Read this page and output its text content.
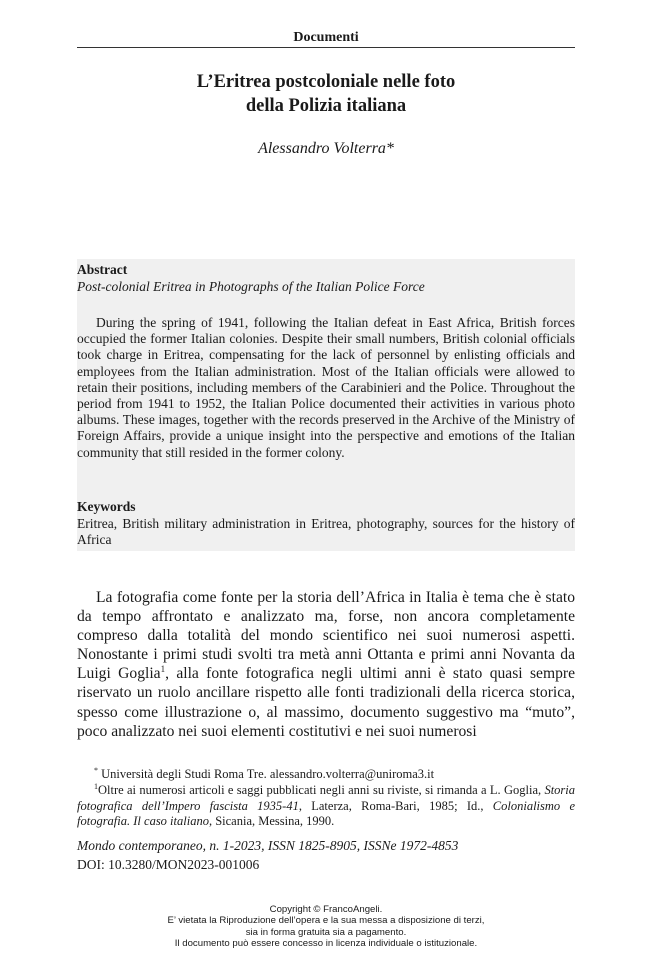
Documenti
L’Eritrea postcoloniale nelle foto
della Polizia italiana
Alessandro Volterra*
Abstract
Post-colonial Eritrea in Photographs of the Italian Police Force

During the spring of 1941, following the Italian defeat in East Africa, British forces occupied the former Italian colonies. Despite their small numbers, British colonial officials took charge in Eritrea, compensating for the lack of personnel by enlisting officials and employees from the Italian administration. Most of the Italian officials were allowed to retain their positions, including members of the Carabinieri and the Police. Throughout the period from 1941 to 1952, the Italian Police documented their activities in various photo albums. These images, together with the records preserved in the Archive of the Ministry of Foreign Affairs, provide a unique insight into the perspective and emotions of the Italian community that still resided in the former colony.

Keywords

Eritrea, British military administration in Eritrea, photography, sources for the history of Africa

La fotografia come fonte per la storia dell’Africa in Italia è tema che è stato da tempo affrontato e analizzato ma, forse, non ancora completamente compreso dalla totalità del mondo scientifico nei suoi numerosi aspetti. Nonostante i primi studi svolti tra metà anni Ottanta e primi anni Novanta da Luigi Goglia$^1$, alla fonte fotografica negli ultimi anni è stato quasi sempre riservato un ruolo ancillare rispetto alle fonti tradizionali della ricerca storica, spesso come illustrazione o, al massimo, documento suggestivo ma “muto”, poco analizzato nei suoi elementi costitutivi e nei suoi numerosi

* Università degli Studi Roma Tre. alessandro.volterra@uniroma3.it

$^1$Oltre ai numerosi articoli e saggi pubblicati negli anni su riviste, si rimanda a L. Goglia, Storia fotografica dell’Impero fascista 1935-41, Laterza, Roma-Bari, 1985; Id., Colonialismo e fotografia. Il caso italiano, Sicania, Messina, 1990.

Mondo contemporaneo, n. 1-2023, ISSN 1825-8905, ISSNe 1972-4853
DOI: 10.3280/MON2023-001006
Copyright © FrancoAngeli.
E’ vietata la Riproduzione dell’opera e la sua messa a disposizione di terzi,
sia in forma gratuita sia a pagamento.
Il documento può essere concesso in licenza individuale o istituzionale.
